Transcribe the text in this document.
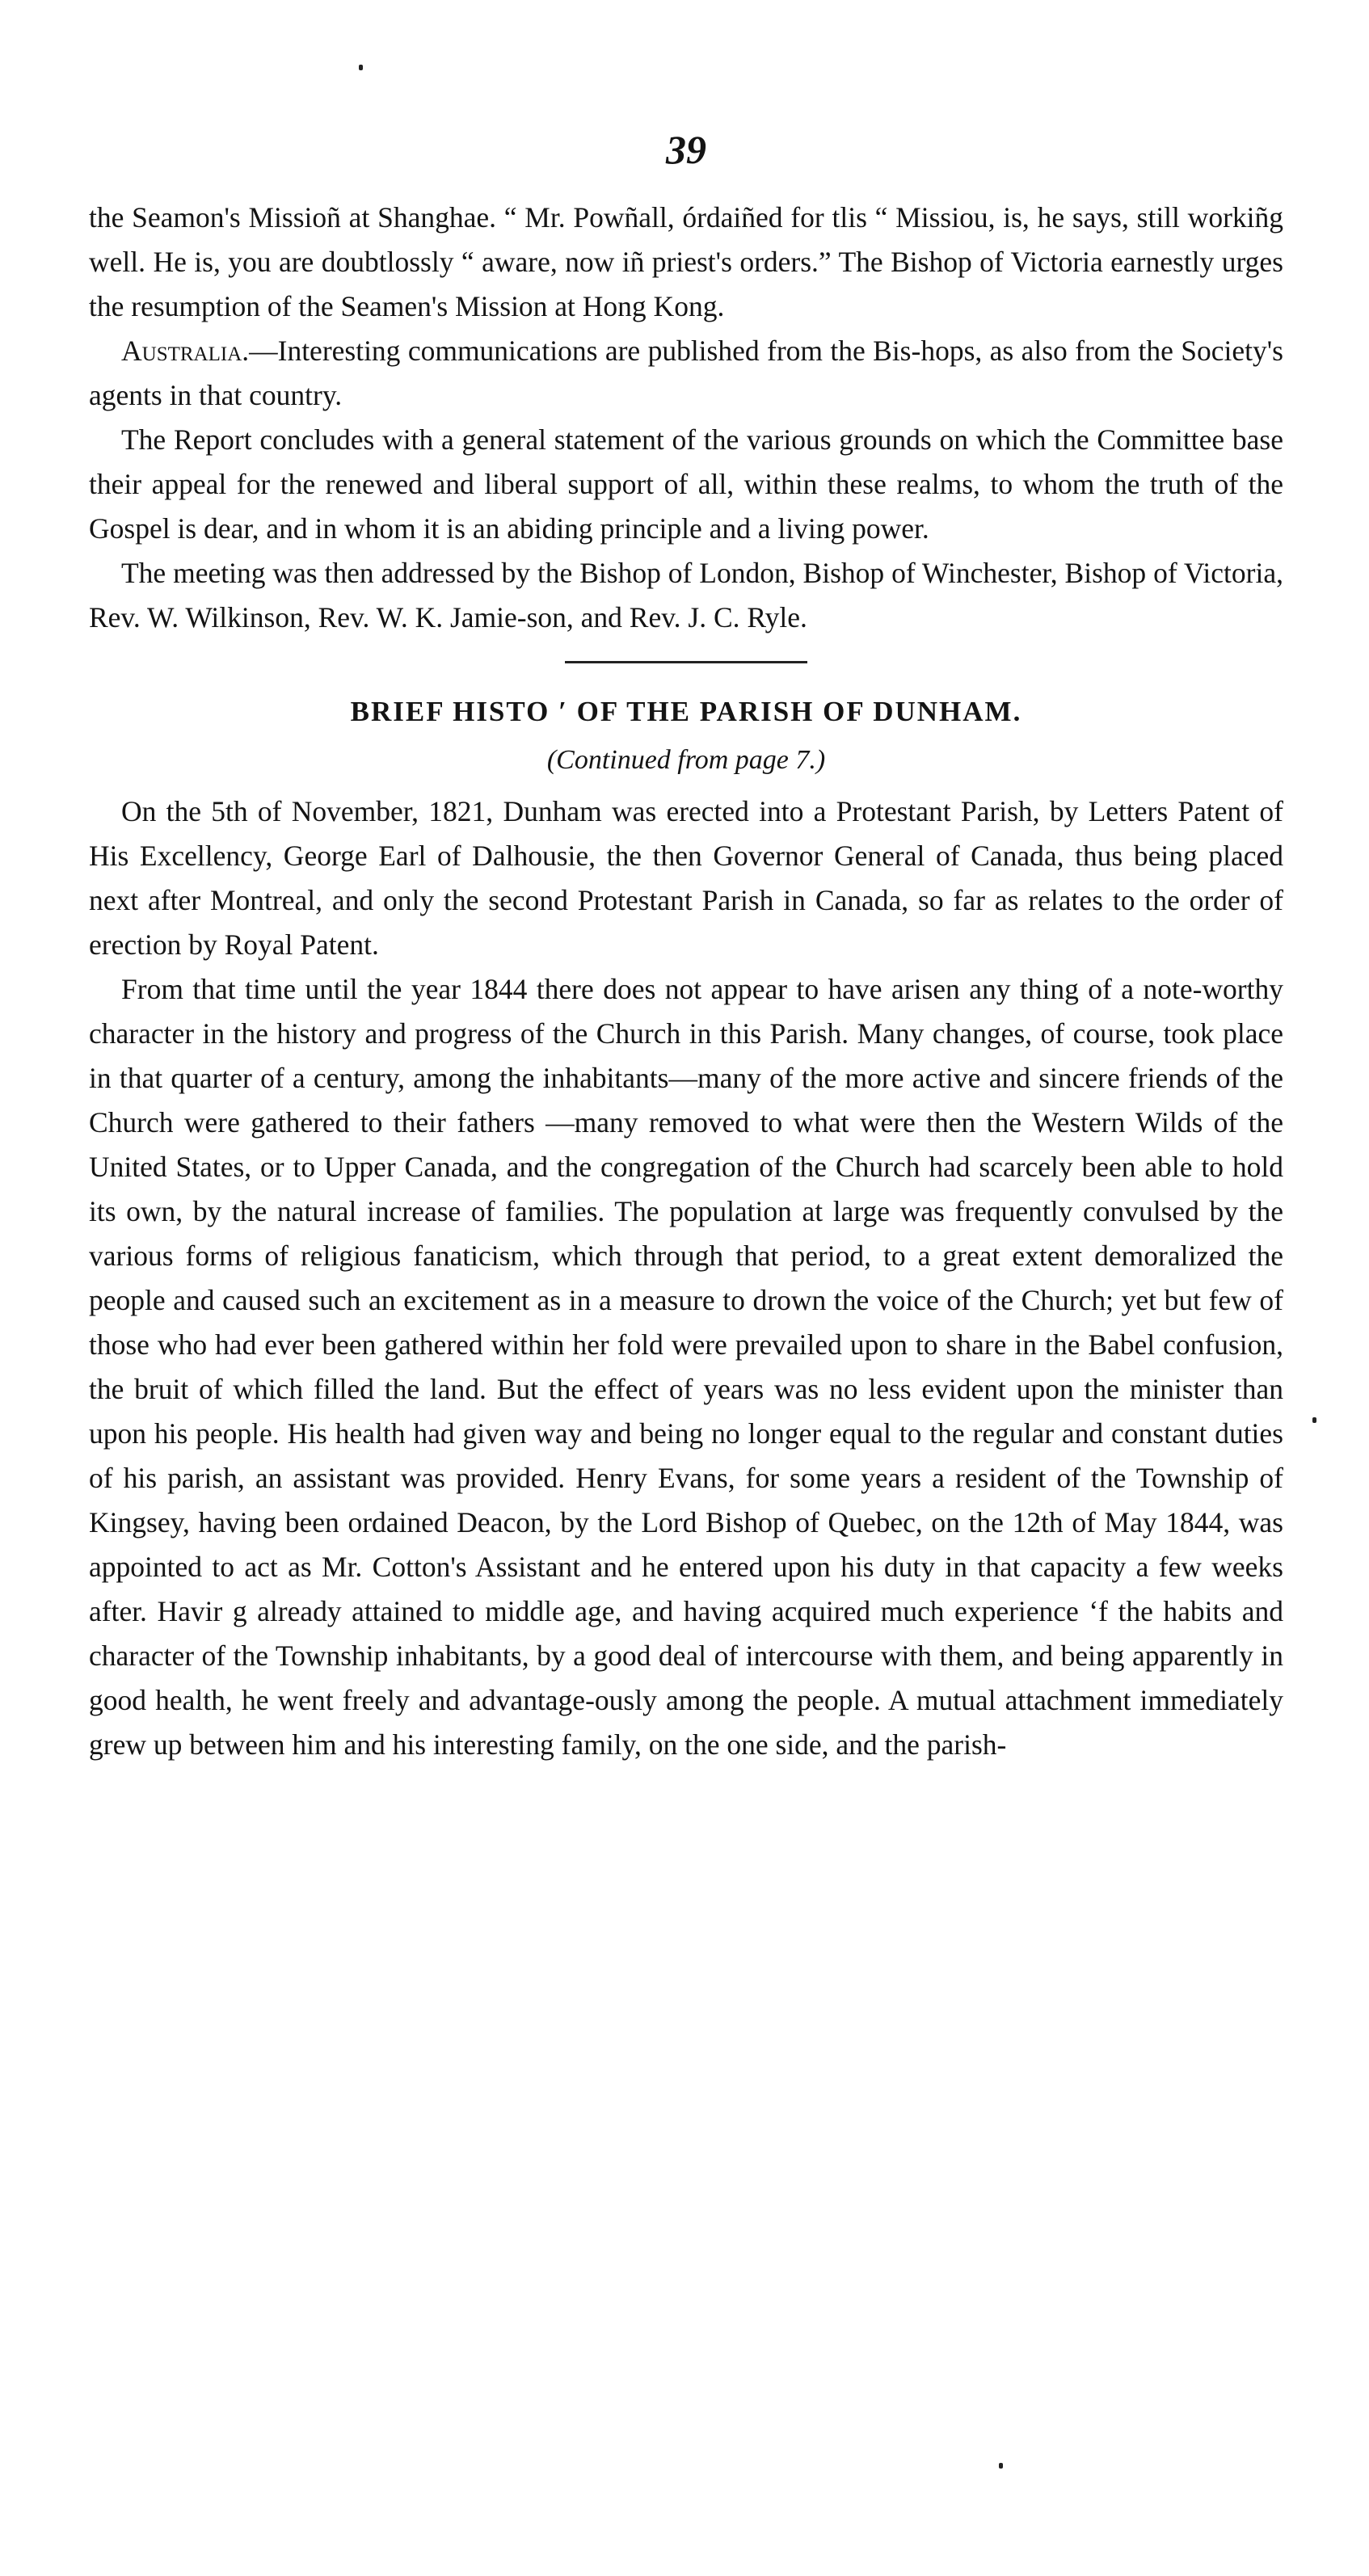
39

the Seamon's Missioñ at Shanghae. “ Mr. Powñall, órdaiñed for tlis “ Missiou, is, he says, still workiñg well. He is, you are doubtlossly “ aware, now iñ priest's orders.” The Bishop of Victoria earnestly urges the resumption of the Seamen's Mission at Hong Kong.

Australia.—Interesting communications are published from the Bis-hops, as also from the Society's agents in that country.

The Report concludes with a general statement of the various grounds on which the Committee base their appeal for the renewed and liberal support of all, within these realms, to whom the truth of the Gospel is dear, and in whom it is an abiding principle and a living power.

The meeting was then addressed by the Bishop of London, Bishop of Winchester, Bishop of Victoria, Rev. W. Wilkinson, Rev. W. K. Jamie-son, and Rev. J. C. Ryle.

BRIEF HISTO ′ OF THE PARISH OF DUNHAM.
(Continued from page 7.)

On the 5th of November, 1821, Dunham was erected into a Protestant Parish, by Letters Patent of His Excellency, George Earl of Dalhousie, the then Governor General of Canada, thus being placed next after Montreal, and only the second Protestant Parish in Canada, so far as relates to the order of erection by Royal Patent.

From that time until the year 1844 there does not appear to have arisen any thing of a note-worthy character in the history and progress of the Church in this Parish. Many changes, of course, took place in that quarter of a century, among the inhabitants—many of the more active and sincere friends of the Church were gathered to their fathers —many removed to what were then the Western Wilds of the United States, or to Upper Canada, and the congregation of the Church had scarcely been able to hold its own, by the natural increase of families. The population at large was frequently convulsed by the various forms of religious fanaticism, which through that period, to a great extent demoralized the people and caused such an excitement as in a measure to drown the voice of the Church; yet but few of those who had ever been gathered within her fold were prevailed upon to share in the Babel confusion, the bruit of which filled the land. But the effect of years was no less evident upon the minister than upon his people. His health had given way and being no longer equal to the regular and constant duties of his parish, an assistant was provided. Henry Evans, for some years a resident of the Township of Kingsey, having been ordained Deacon, by the Lord Bishop of Quebec, on the 12th of May 1844, was appointed to act as Mr. Cotton's Assistant and he entered upon his duty in that capacity a few weeks after. Havir g already attained to middle age, and having acquired much experience ʻf the habits and character of the Township inhabitants, by a good deal of intercourse with them, and being apparently in good health, he went freely and advantage-ously among the people. A mutual attachment immediately grew up between him and his interesting family, on the one side, and the parish-
